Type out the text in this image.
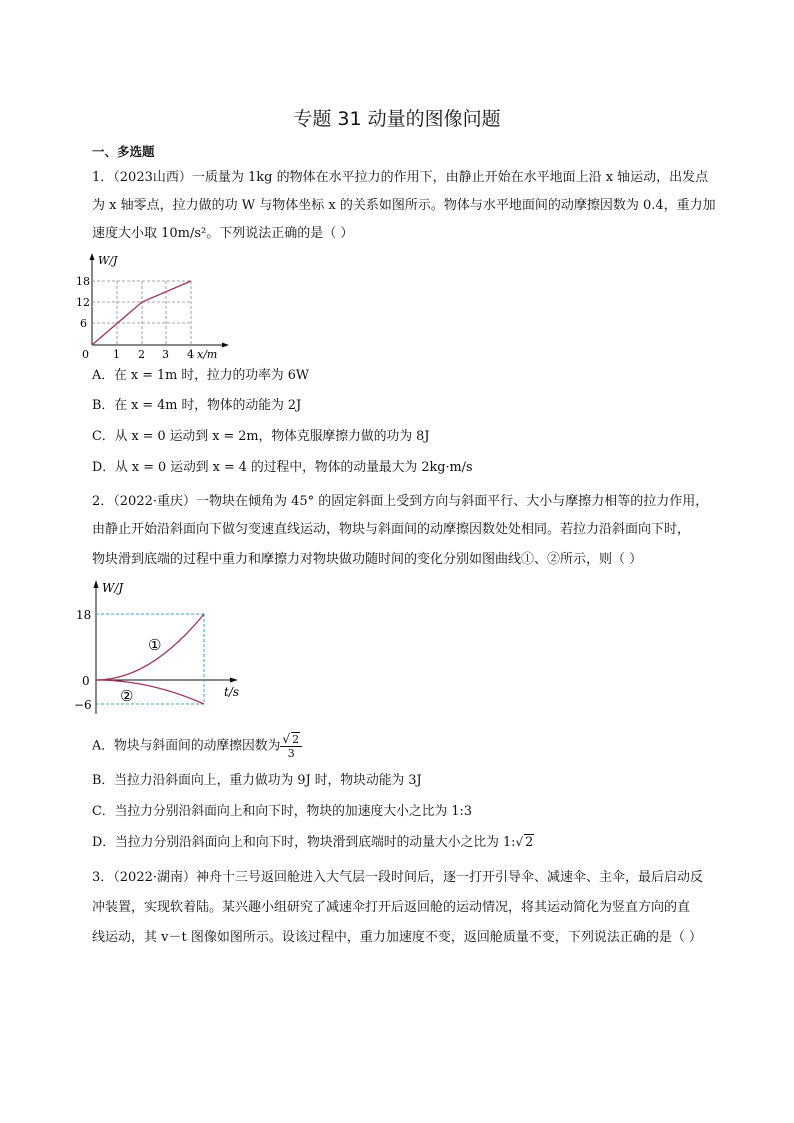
专题 31 动量的图像问题
一、多选题
1．（2023山西）一质量为 1kg 的物体在水平拉力的作用下，由静止开始在水平地面上沿 x 轴运动，出发点
为 x 轴零点，拉力做的功 W 与物体坐标 x 的关系如图所示。物体与水平地面间的动摩擦因数为 0.4，重力加
速度大小取 10m/s²。下列说法正确的是（ ）
W/J
18
12
6
0 1 2 3 4 x/m
A．在 x = 1m 时，拉力的功率为 6W
B．在 x = 4m 时，物体的动能为 2J
C．从 x = 0 运动到 x = 2m，物体克服摩擦力做的功为 8J
D．从 x = 0 运动到 x = 4 的过程中，物体的动量最大为 2kg·m/s
2．（2022·重庆）一物块在倾角为 45° 的固定斜面上受到方向与斜面平行、大小与摩擦力相等的拉力作用，
由静止开始沿斜面向下做匀变速直线运动，物块与斜面间的动摩擦因数处处相同。若拉力沿斜面向下时，
物块滑到底端的过程中重力和摩擦力对物块做功随时间的变化分别如图曲线①、②所示，则（ ）
W/J
18
0
−6
①
②	t/s
A．物块与斜面间的动摩擦因数为 $\frac{√ 2}{3}$
B．当拉力沿斜面向上，重力做功为 9J 时，物块动能为 3J
C．当拉力分别沿斜面向上和向下时，物块的加速度大小之比为 1:3
D．当拉力分别沿斜面向上和向下时，物块滑到底端时的动量大小之比为 1:√ 2
3．（2022·湖南）神舟十三号返回舱进入大气层一段时间后，逐一打开引导伞、减速伞、主伞，最后启动反
冲装置，实现软着陆。某兴趣小组研究了减速伞打开后返回舱的运动情况，将其运动简化为竖直方向的直
线运动，其 v－t 图像如图所示。设该过程中，重力加速度不变，返回舱质量不变，下列说法正确的是（ ）
